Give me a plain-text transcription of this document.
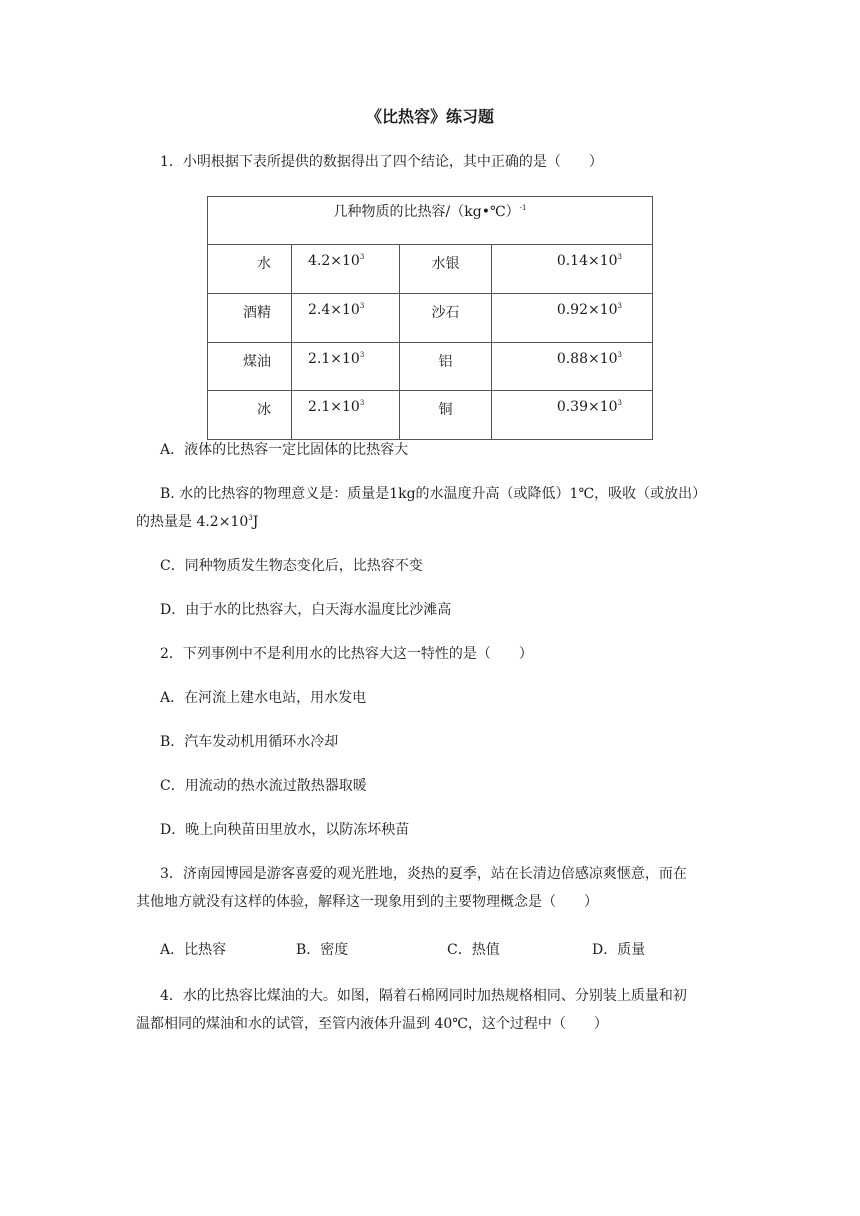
《比热容》练习题
1．小明根据下表所提供的数据得出了四个结论，其中正确的是（　　）
几种物质的比热容/（kg•℃）$^{-1}$
水	$4.2\times 10^3$	水银	$0.14\times 10^3$
酒精	$2.4\times 10^3$	沙石	$0.92\times 10^3$
煤油	$2.1\times 10^3$	铝	$0.88\times 10^3$
冰	$2.1\times 10^3$	铜	$0.39\times 10^3$
A．液体的比热容一定比固体的比热容大
B. 水的比热容的物理意义是：质量是1kg的水温度升高（或降低）1℃，吸收（或放出）
的热量是 $4.2\times 10^3J$
C．同种物质发生物态变化后，比热容不变
D．由于水的比热容大，白天海水温度比沙滩高
2．下列事例中不是利用水的比热容大这一特性的是（　　）
A．在河流上建水电站，用水发电
B．汽车发动机用循环水冷却
C．用流动的热水流过散热器取暖
D．晚上向秧苗田里放水，以防冻坏秧苗
3．济南园博园是游客喜爱的观光胜地，炎热的夏季，站在长清边倍感凉爽惬意，而在
其他地方就没有这样的体验，解释这一现象用到的主要物理概念是（　　）
A．比热容	B．密度	C．热值	D．质量
4．水的比热容比煤油的大。如图，隔着石棉网同时加热规格相同、分别装上质量和初
温都相同的煤油和水的试管，至管内液体升温到 40℃，这个过程中（　　）
